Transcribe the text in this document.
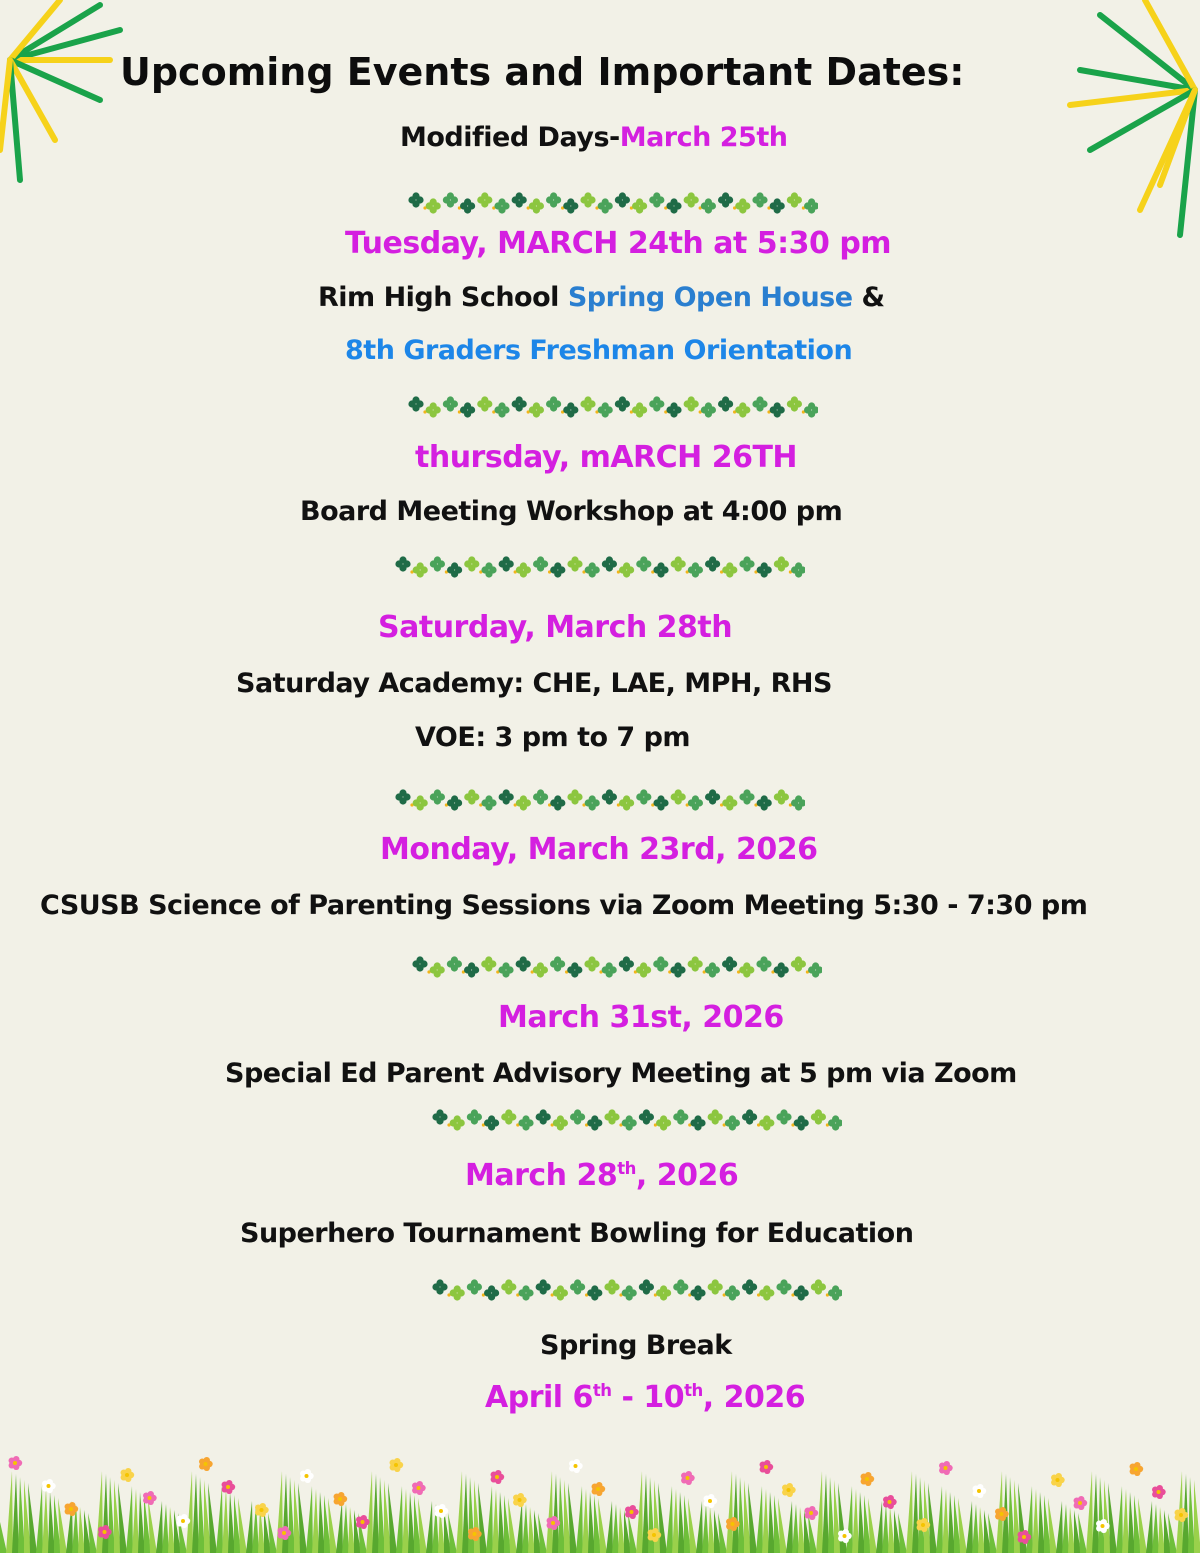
Upcoming Events and Important Dates:
Modified Days-March 25th
Tuesday, MARCH 24th at 5:30 pm
Rim High School Spring Open House &
8th Graders Freshman Orientation
thursday, mARCH 26TH
Board Meeting Workshop at 4:00 pm
Saturday, March 28th
Saturday Academy: CHE, LAE, MPH, RHS
VOE: 3 pm to 7 pm
Monday, March 23rd, 2026
CSUSB Science of Parenting Sessions via Zoom Meeting 5:30 - 7:30 pm
March 31st, 2026
Special Ed Parent Advisory Meeting at 5 pm via Zoom
March 28th, 2026
Superhero Tournament Bowling for Education
Spring Break
April 6th - 10th, 2026
